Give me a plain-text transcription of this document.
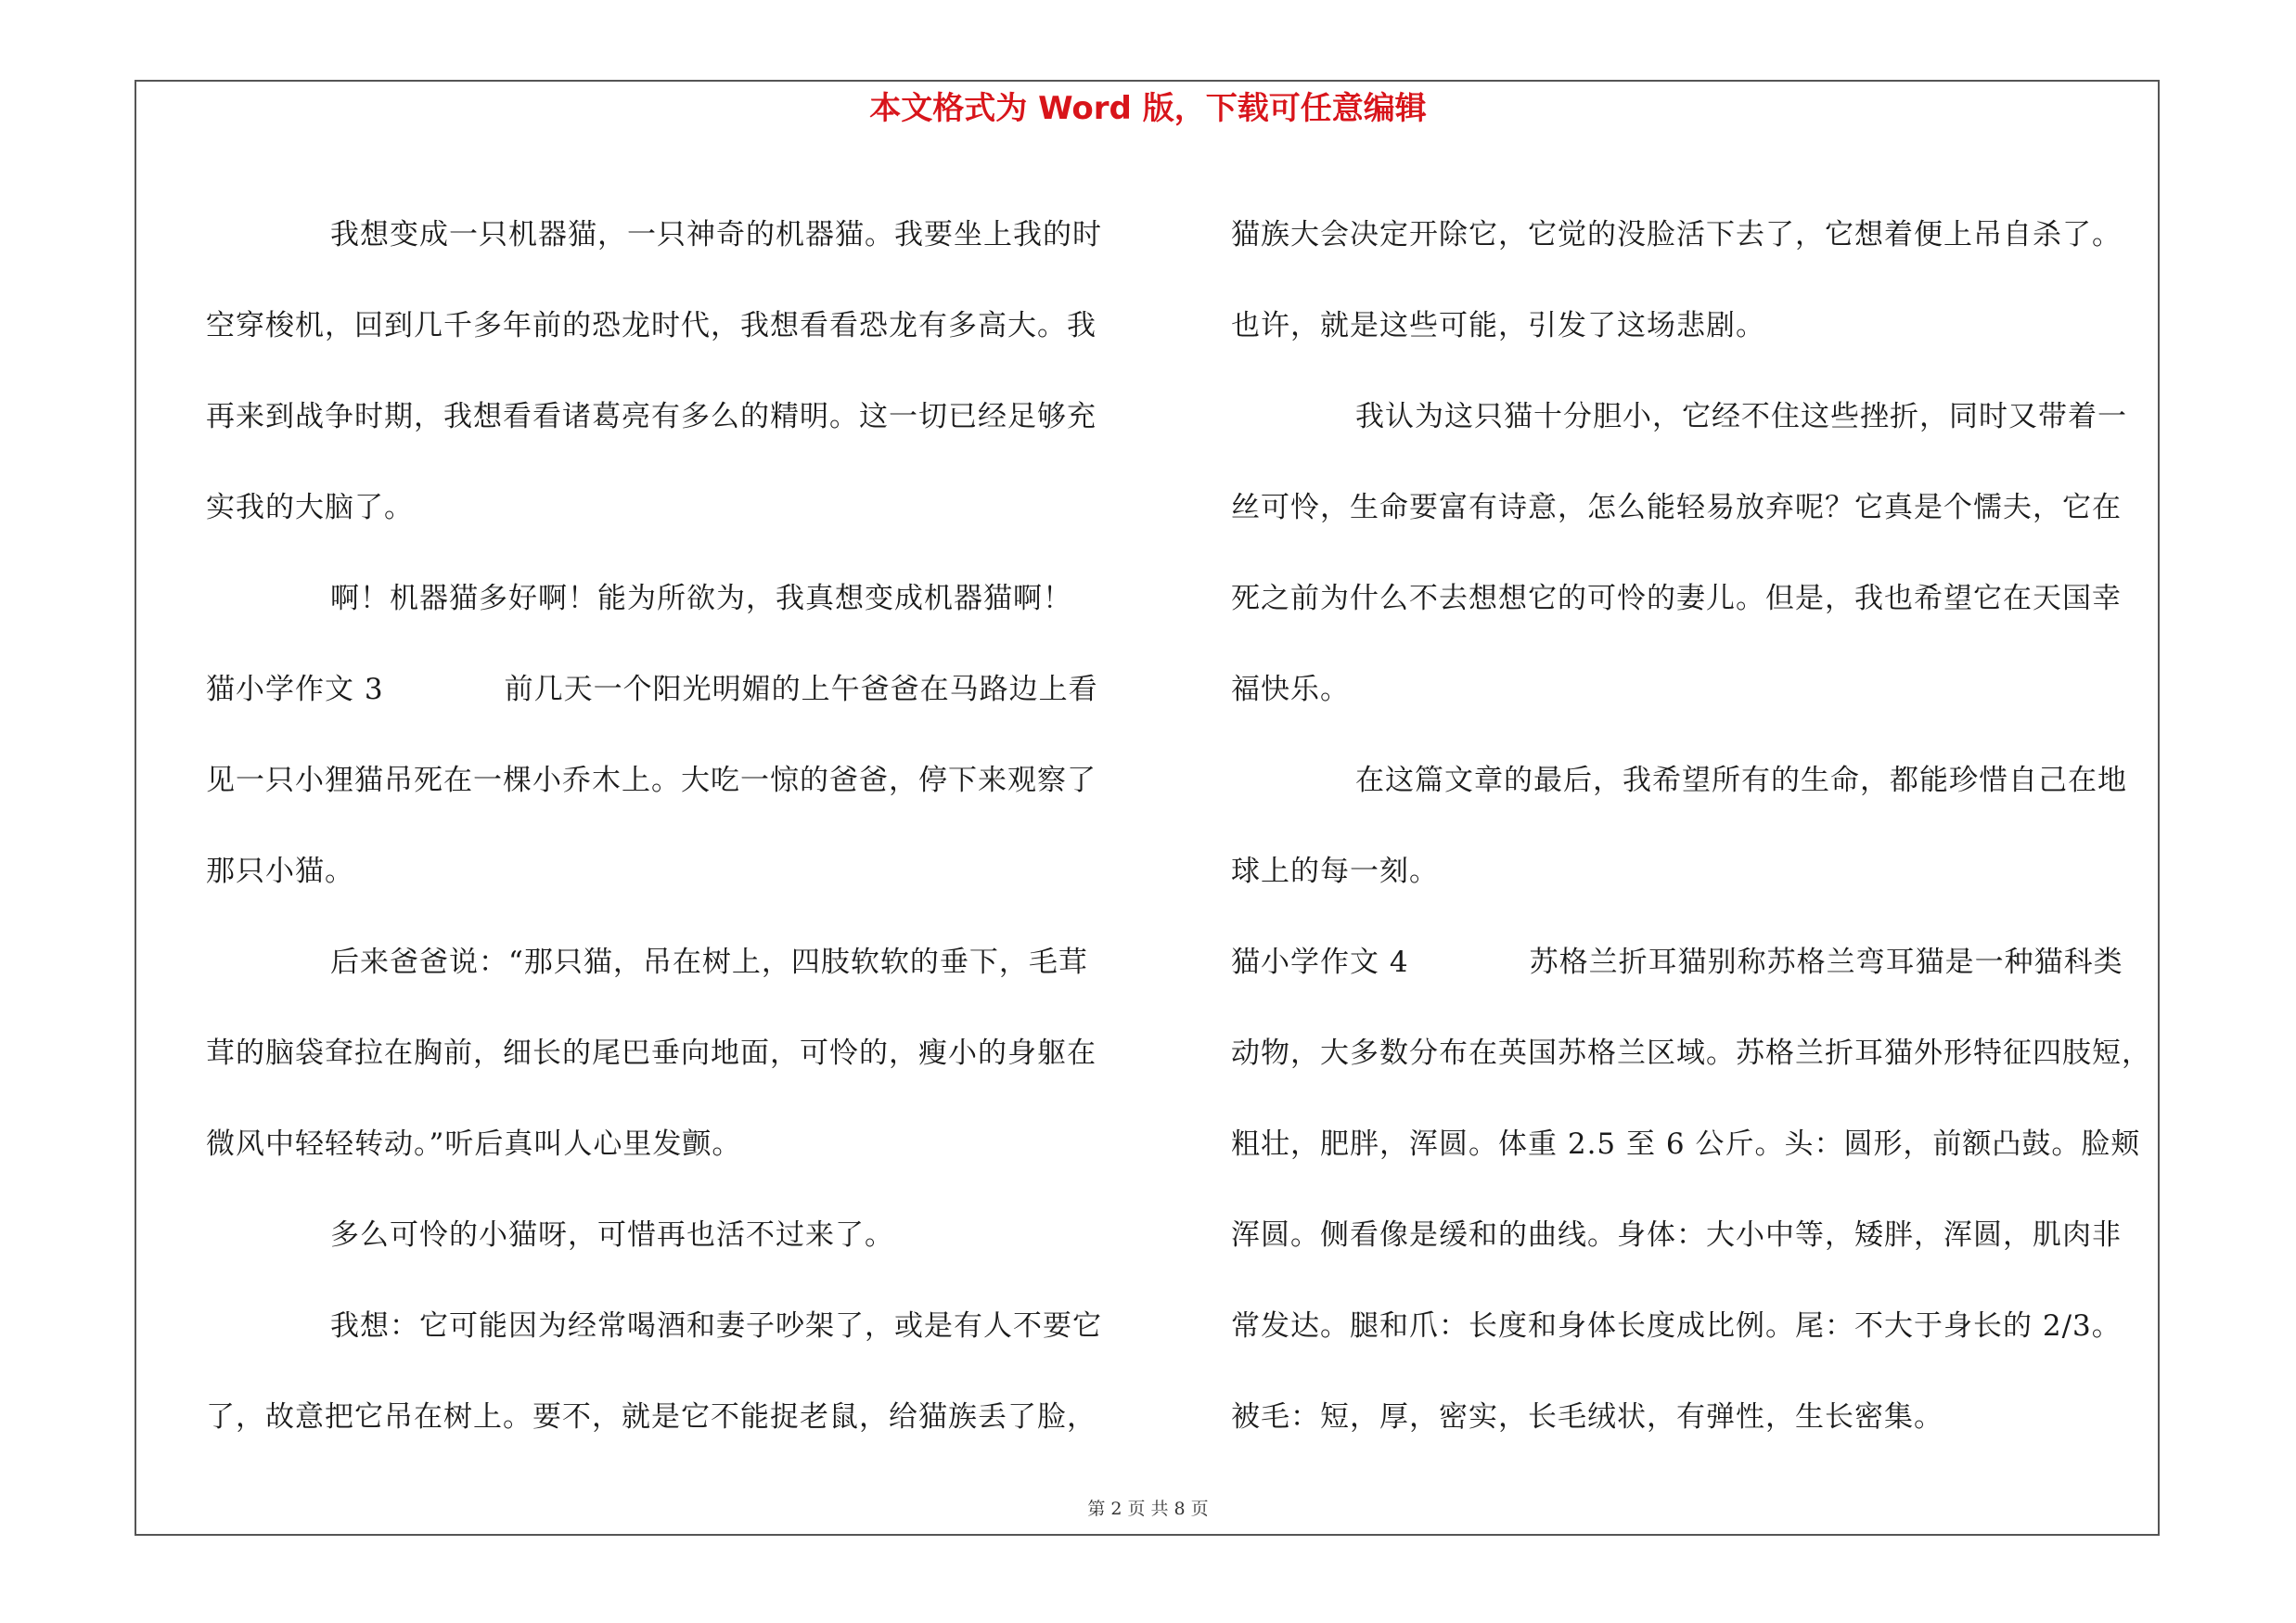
本文格式为 Word 版，下载可任意编辑
我想变成一只机器猫，一只神奇的机器猫。我要坐上我的时
空穿梭机，回到几千多年前的恐龙时代，我想看看恐龙有多高大。我
再来到战争时期，我想看看诸葛亮有多么的精明。这一切已经足够充
实我的大脑了。
啊！机器猫多好啊！能为所欲为，我真想变成机器猫啊！
猫小学作文 3	前几天一个阳光明媚的上午爸爸在马路边上看
见一只小狸猫吊死在一棵小乔木上。大吃一惊的爸爸，停下来观察了
那只小猫。
后来爸爸说：“那只猫，吊在树上，四肢软软的垂下，毛茸
茸的脑袋耷拉在胸前，细长的尾巴垂向地面，可怜的，瘦小的身躯在
微风中轻轻转动。”听后真叫人心里发颤。
多么可怜的小猫呀，可惜再也活不过来了。
我想：它可能因为经常喝酒和妻子吵架了，或是有人不要它
了，故意把它吊在树上。要不，就是它不能捉老鼠，给猫族丢了脸，
猫族大会决定开除它，它觉的没脸活下去了，它想着便上吊自杀了。
也许，就是这些可能，引发了这场悲剧。
我认为这只猫十分胆小，它经不住这些挫折，同时又带着一
丝可怜，生命要富有诗意，怎么能轻易放弃呢？它真是个懦夫，它在
死之前为什么不去想想它的可怜的妻儿。但是，我也希望它在天国幸
福快乐。
在这篇文章的最后，我希望所有的生命，都能珍惜自己在地
球上的每一刻。
猫小学作文 4	苏格兰折耳猫别称苏格兰弯耳猫是一种猫科类
动物，大多数分布在英国苏格兰区域。苏格兰折耳猫外形特征四肢短，
粗壮，肥胖，浑圆。体重 2.5 至 6 公斤。头：圆形，前额凸鼓。脸颊
浑圆。侧看像是缓和的曲线。身体：大小中等，矮胖，浑圆，肌肉非
常发达。腿和爪：长度和身体长度成比例。尾：不大于身长的 2/3。
被毛：短，厚，密实，长毛绒状，有弹性，生长密集。
第 2 页 共 8 页
